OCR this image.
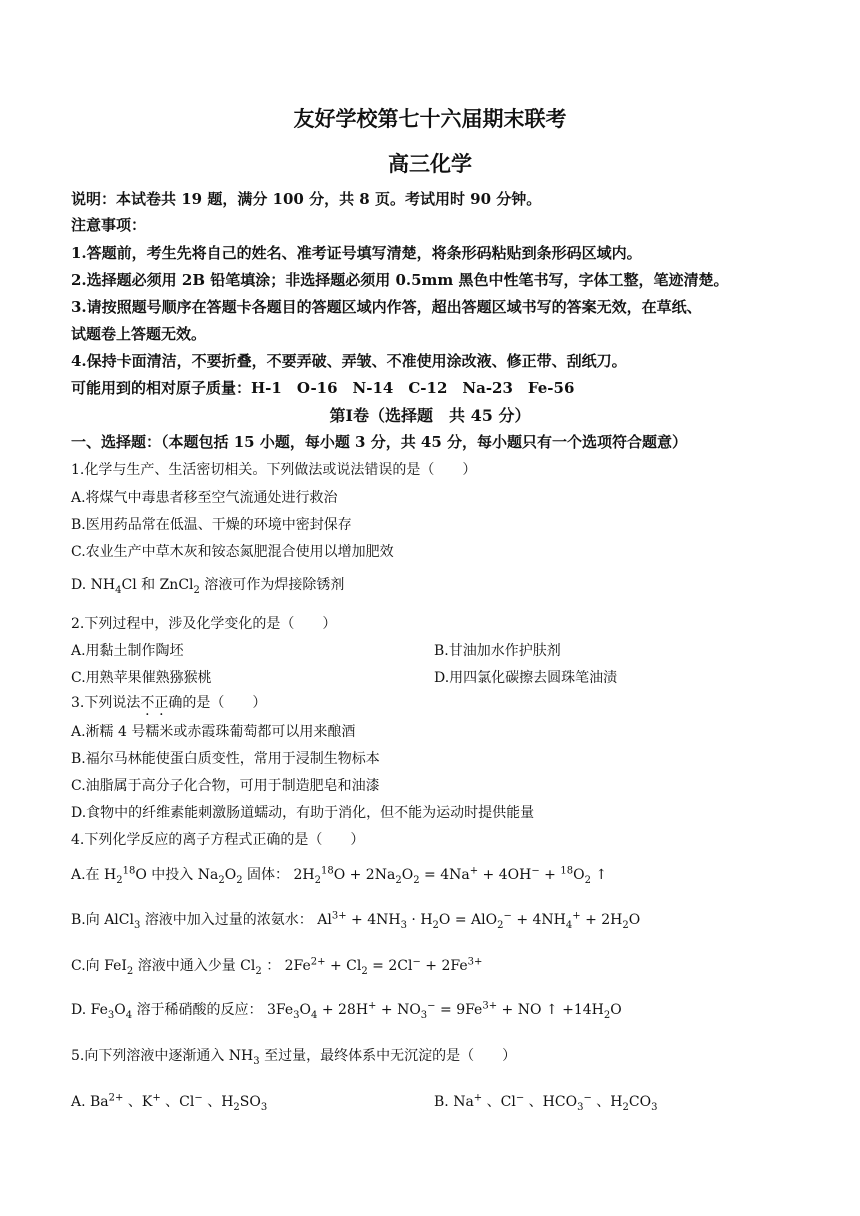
友好学校第七十六届期末联考
高三化学
说明：本试卷共 19 题，满分 100 分，共 8 页。考试用时 90 分钟。
注意事项：
1.答题前，考生先将自己的姓名、准考证号填写清楚，将条形码粘贴到条形码区域内。
2.选择题必须用 2B 铅笔填涂；非选择题必须用 0.5mm 黑色中性笔书写，字体工整，笔迹清楚。
3.请按照题号顺序在答题卡各题目的答题区域内作答，超出答题区域书写的答案无效，在草纸、
试题卷上答题无效。
4.保持卡面清洁，不要折叠，不要弄破、弄皱、不准使用涂改液、修正带、刮纸刀。
可能用到的相对原子质量：H-1　O-16　N-14　C-12　Na-23　Fe-56
第Ⅰ卷（选择题　共 45 分）
一、选择题：（本题包括 15 小题，每小题 3 分，共 45 分，每小题只有一个选项符合题意）
1.化学与生产、生活密切相关。下列做法或说法错误的是（　　）
A.将煤气中毒患者移至空气流通处进行救治
B.医用药品常在低温、干燥的环境中密封保存
C.农业生产中草木灰和铵态氮肥混合使用以增加肥效
D. $NH_4Cl$ 和 ZnCl$_2$ 溶液可作为焊接除锈剂
2.下列过程中，涉及化学变化的是（　　）
A.用黏土制作陶坯	B.甘油加水作护肤剂
C.用熟苹果催熟猕猴桃	D.用四氯化碳擦去圆珠笔油渍
3.下列说法不正确的是（　　）
A.淅糯 4 号糯米或赤霞珠葡萄都可以用来酿酒
B.福尔马林能使蛋白质变性，常用于浸制生物标本
C.油脂属于高分子化合物，可用于制造肥皂和油漆
D.食物中的纤维素能刺激肠道蠕动，有助于消化，但不能为运动时提供能量
4.下列化学反应的离子方程式正确的是（　　）
A.在 $H_2^{18}O$ 中投入 $Na_2O_2$ 固体： $2H_2^{18}O + 2Na_2O_2 = 4Na^+ + 4OH^- + ^{18}O_2$ ↑
B.向 AlCl$_3$ 溶液中加入过量的浓氨水： $Al^{3+} + 4NH_3 \cdot H_2O = AlO_2^- + 4NH_4^+ + 2H_2O$
C.向 FeI$_2$ 溶液中通入少量 $Cl_2$ ： $2Fe^{2+} + Cl_2 = 2Cl^- + 2Fe^{3+}$
D. $Fe_3O_4$ 溶于稀硝酸的反应： $3Fe_3O_4 + 28H^+ + NO_3^- = 9Fe^{3+}$ + NO ↑ $+14H_2O$
5.向下列溶液中逐渐通入 $NH_3$ 至过量，最终体系中无沉淀的是（　　）
A. $Ba^{2+}$ 、K+ 、Cl− 、$H_2SO_3$	B. Na+ 、Cl− 、$HCO_3^-$ 、$H_2CO_3$
